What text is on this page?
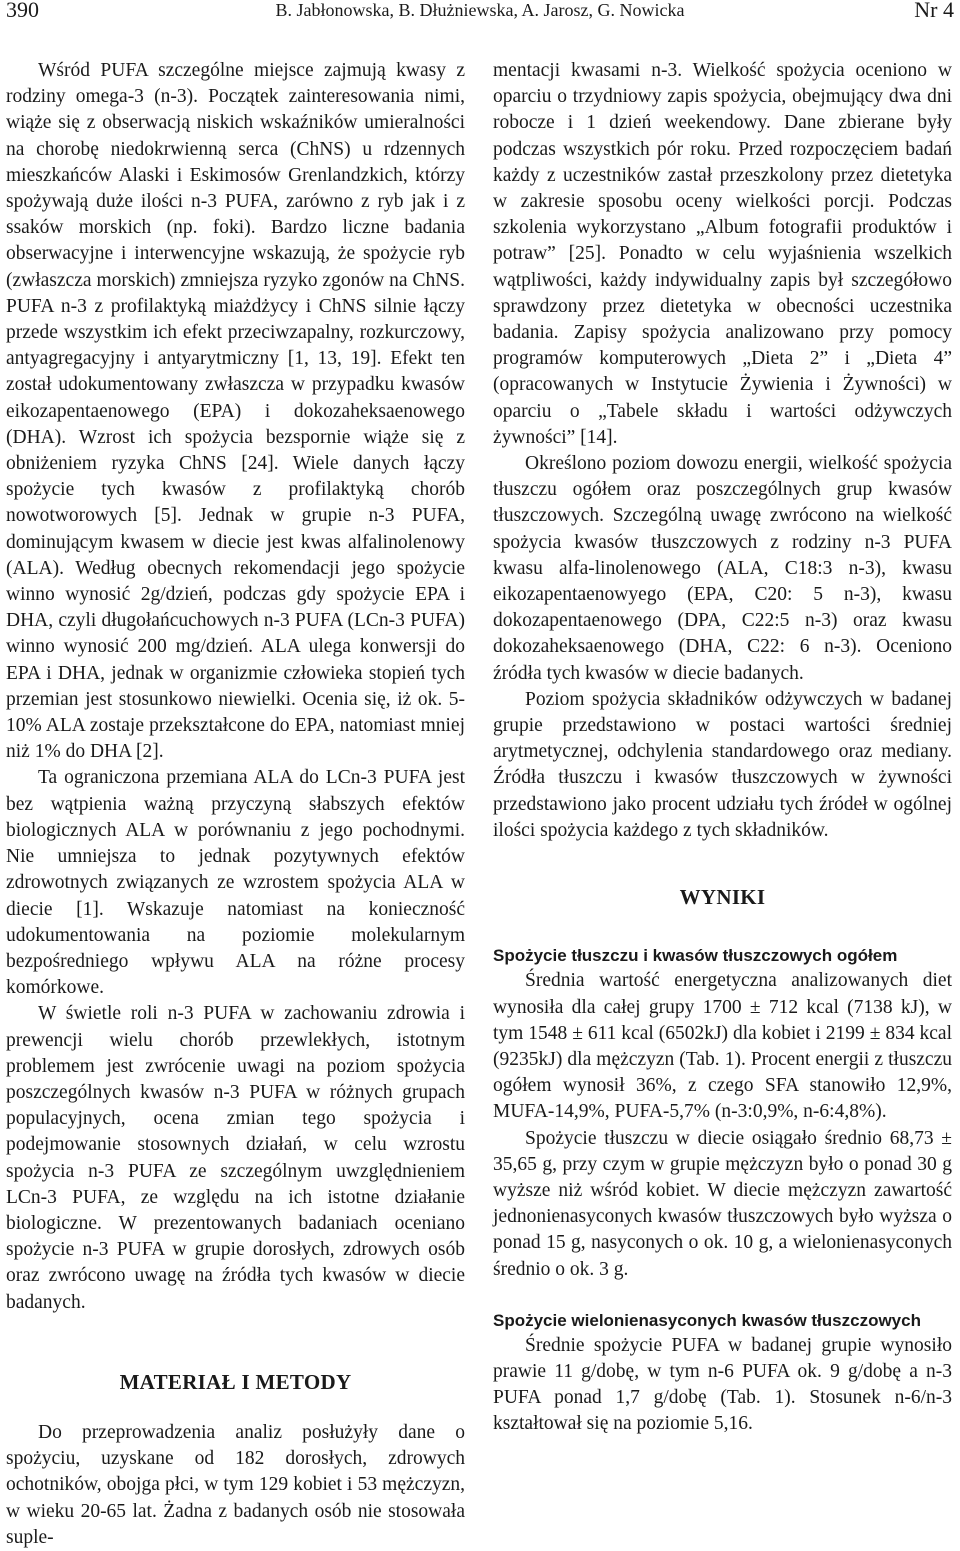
390	B. Jabłonowska, B. Dłużniewska, A. Jarosz, G. Nowicka	Nr 4

Wśród PUFA szczególne miejsce zajmują kwasy z rodziny omega-3 (n-3). Początek zainteresowania nimi, wiąże się z obserwacją niskich wskaźników umieralności na chorobę niedokrwienną serca (ChNS) u rdzennych mieszkańców Alaski i Eskimosów Grenlandzkich, którzy spożywają duże ilości n-3 PUFA, zarówno z ryb jak i z ssaków morskich (np. foki). Bardzo liczne badania obserwacyjne i interwencyjne wskazują, że spożycie ryb (zwłaszcza morskich) zmniejsza ryzyko zgonów na ChNS. PUFA n-3 z profilaktyką miażdżycy i ChNS silnie łączy przede wszystkim ich efekt przeciwzapalny, rozkurczowy, antyagregacyjny i antyarytmiczny [1, 13, 19]. Efekt ten został udokumentowany zwłaszcza w przypadku kwasów eikozapentaenowego (EPA) i dokozaheksaenowego (DHA). Wzrost ich spożycia bezspornie wiąże się z obniżeniem ryzyka ChNS [24]. Wiele danych łączy spożycie tych kwasów z profilaktyką chorób nowotworowych [5]. Jednak w grupie n-3 PUFA, dominującym kwasem w diecie jest kwas alfalinolenowy (ALA). Według obecnych rekomendacji jego spożycie winno wynosić 2g/dzień, podczas gdy spożycie EPA i DHA, czyli długołańcuchowych n-3 PUFA (LCn-3 PUFA) winno wynosić 200 mg/dzień. ALA ulega konwersji do EPA i DHA, jednak w organizmie człowieka stopień tych przemian jest stosunkowo niewielki. Ocenia się, iż ok. 5-10% ALA zostaje przekształcone do EPA, natomiast mniej niż 1% do DHA [2].

Ta ograniczona przemiana ALA do LCn-3 PUFA jest bez wątpienia ważną przyczyną słabszych efektów biologicznych ALA w porównaniu z jego pochodnymi. Nie umniejsza to jednak pozytywnych efektów zdrowotnych związanych ze wzrostem spożycia ALA w diecie [1]. Wskazuje natomiast na konieczność udokumentowania na poziomie molekularnym bezpośredniego wpływu ALA na różne procesy komórkowe.

W świetle roli n-3 PUFA w zachowaniu zdrowia i prewencji wielu chorób przewlekłych, istotnym problemem jest zwrócenie uwagi na poziom spożycia poszczególnych kwasów n-3 PUFA w różnych grupach populacyjnych, ocena zmian tego spożycia i podejmowanie stosownych działań, w celu wzrostu spożycia n-3 PUFA ze szczególnym uwzględnieniem LCn-3 PUFA, ze względu na ich istotne działanie biologiczne. W prezentowanych badaniach oceniano spożycie n-3 PUFA w grupie dorosłych, zdrowych osób oraz zwrócono uwagę na źródła tych kwasów w diecie badanych.

MATERIAŁ I METODY

Do przeprowadzenia analiz posłużyły dane o spożyciu, uzyskane od 182 dorosłych, zdrowych ochotników, obojga płci, w tym 129 kobiet i 53 mężczyzn, w wieku 20-65 lat. Żadna z badanych osób nie stosowała suple-

mentacji kwasami n-3. Wielkość spożycia oceniono w oparciu o trzydniowy zapis spożycia, obejmujący dwa dni robocze i 1 dzień weekendowy. Dane zbierane były podczas wszystkich pór roku. Przed rozpoczęciem badań każdy z uczestników zastał przeszkolony przez dietetyka w zakresie sposobu oceny wielkości porcji. Podczas szkolenia wykorzystano „Album fotografii produktów i potraw” [25]. Ponadto w celu wyjaśnienia wszelkich wątpliwości, każdy indywidualny zapis był szczegółowo sprawdzony przez dietetyka w obecności uczestnika badania. Zapisy spożycia analizowano przy pomocy programów komputerowych „Dieta 2” i „Dieta 4” (opracowanych w Instytucie Żywienia i Żywności) w oparciu o „Tabele składu i wartości odżywczych żywności” [14].

Określono poziom dowozu energii, wielkość spożycia tłuszczu ogółem oraz poszczególnych grup kwasów tłuszczowych. Szczególną uwagę zwrócono na wielkość spożycia kwasów tłuszczowych z rodziny n-3 PUFA kwasu alfa-linolenowego (ALA, C18:3 n-3), kwasu eikozapentaenowyego (EPA, C20: 5 n-3), kwasu dokozapentaenowego (DPA, C22:5 n-3) oraz kwasu dokozaheksaenowego (DHA, C22: 6 n-3). Oceniono źródła tych kwasów w diecie badanych.

Poziom spożycia składników odżywczych w badanej grupie przedstawiono w postaci wartości średniej arytmetycznej, odchylenia standardowego oraz mediany. Źródła tłuszczu i kwasów tłuszczowych w żywności przedstawiono jako procent udziału tych źródeł w ogólnej ilości spożycia każdego z tych składników.

WYNIKI
Spożycie tłuszczu i kwasów tłuszczowych ogółem

Średnia wartość energetyczna analizowanych diet wynosiła dla całej grupy 1700 ± 712 kcal (7138 kJ), w tym 1548 ± 611 kcal (6502kJ) dla kobiet i 2199 ± 834 kcal (9235kJ) dla mężczyzn (Tab. 1). Procent energii z tłuszczu ogółem wynosił 36%, z czego SFA stanowiło 12,9%, MUFA-14,9%, PUFA-5,7% (n-3:0,9%, n-6:4,8%).

Spożycie tłuszczu w diecie osiągało średnio 68,73 ± 35,65 g, przy czym w grupie mężczyzn było o ponad 30 g wyższe niż wśród kobiet. W diecie mężczyzn zawartość jednonienasyconych kwasów tłuszczowych było wyższa o ponad 15 g, nasyconych o ok. 10 g, a wielonienasyconych średnio o ok. 3 g.

Spożycie wielonienasyconych kwasów tłuszczowych

Średnie spożycie PUFA w badanej grupie wynosiło prawie 11 g/dobę, w tym n-6 PUFA ok. 9 g/dobę a n-3 PUFA ponad 1,7 g/dobę (Tab. 1). Stosunek n-6/n-3 kształtował się na poziomie 5,16.
